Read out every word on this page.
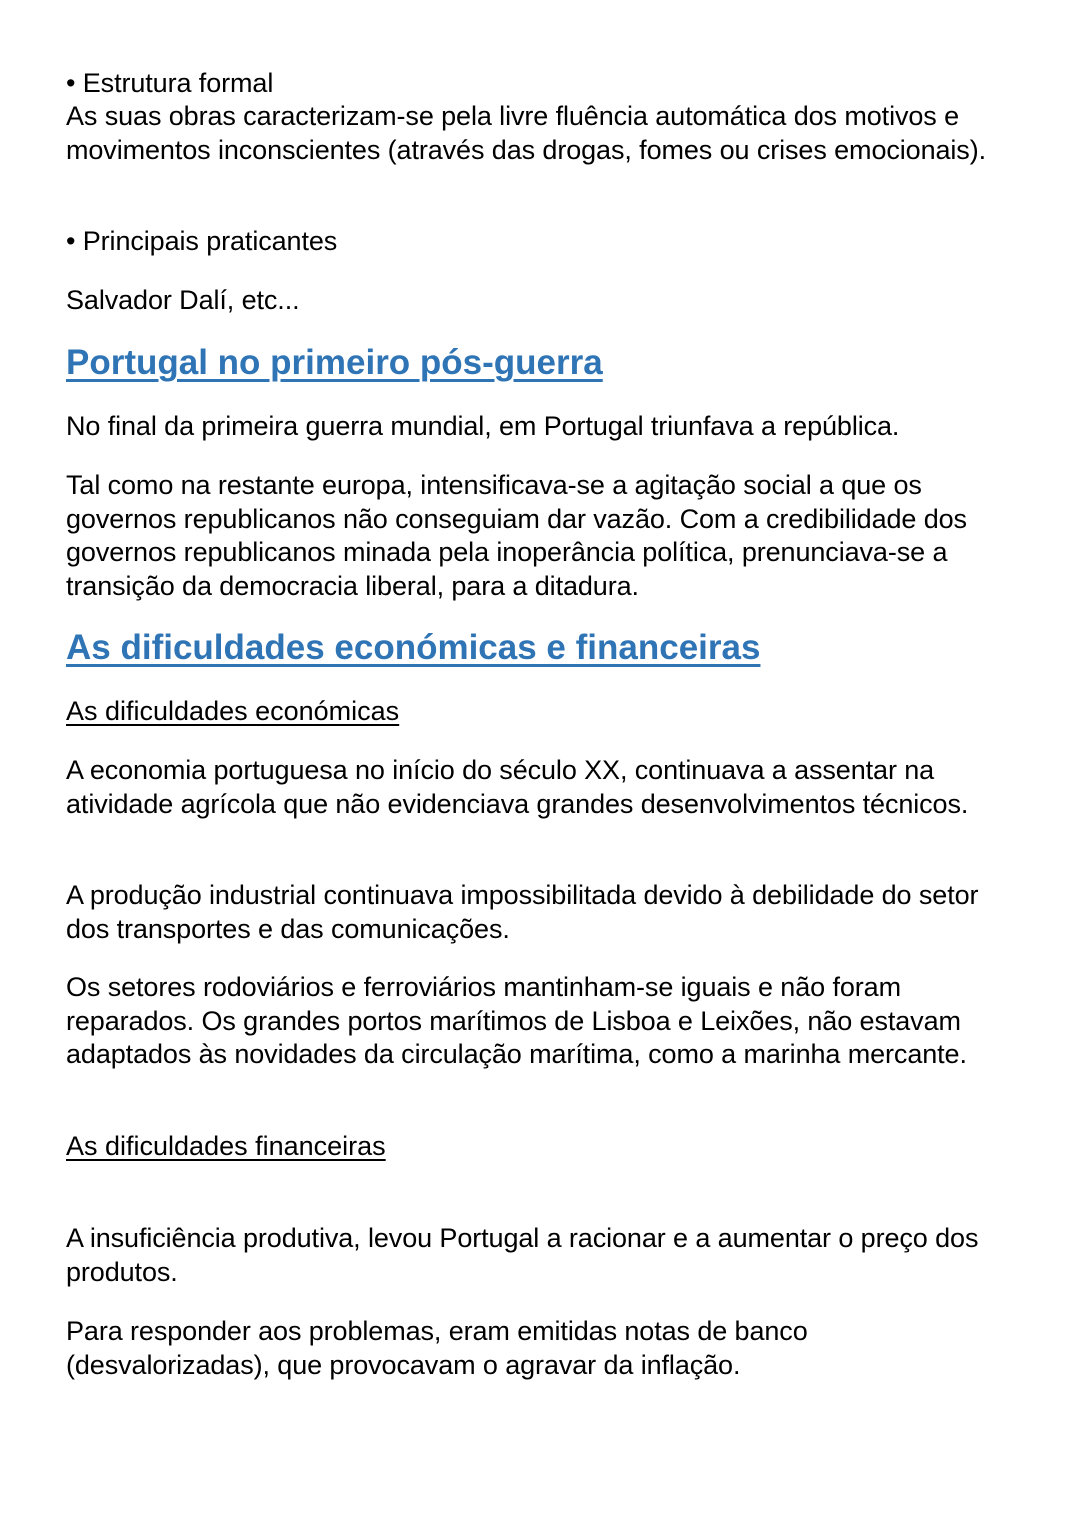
• Estrutura formal

As suas obras caracterizam-se pela livre fluência automática dos motivos e movimentos inconscientes (através das drogas, fomes ou crises emocionais).

• Principais praticantes

Salvador Dalí, etc...

Portugal no primeiro pós-guerra

No final da primeira guerra mundial, em Portugal triunfava a república.

Tal como na restante europa, intensificava-se a agitação social a que os governos republicanos não conseguiam dar vazão. Com a credibilidade dos governos republicanos minada pela inoperância política, prenunciava-se a transição da democracia liberal, para a ditadura.

As dificuldades económicas e financeiras

As dificuldades económicas

A economia portuguesa no início do século XX, continuava a assentar na atividade agrícola que não evidenciava grandes desenvolvimentos técnicos.

A produção industrial continuava impossibilitada devido à debilidade do setor dos transportes e das comunicações.

Os setores rodoviários e ferroviários mantinham-se iguais e não foram reparados. Os grandes portos marítimos de Lisboa e Leixões, não estavam adaptados às novidades da circulação marítima, como a marinha mercante.

As dificuldades financeiras

A insuficiência produtiva, levou Portugal a racionar e a aumentar o preço dos produtos.

Para responder aos problemas, eram emitidas notas de banco (desvalorizadas), que provocavam o agravar da inflação.
